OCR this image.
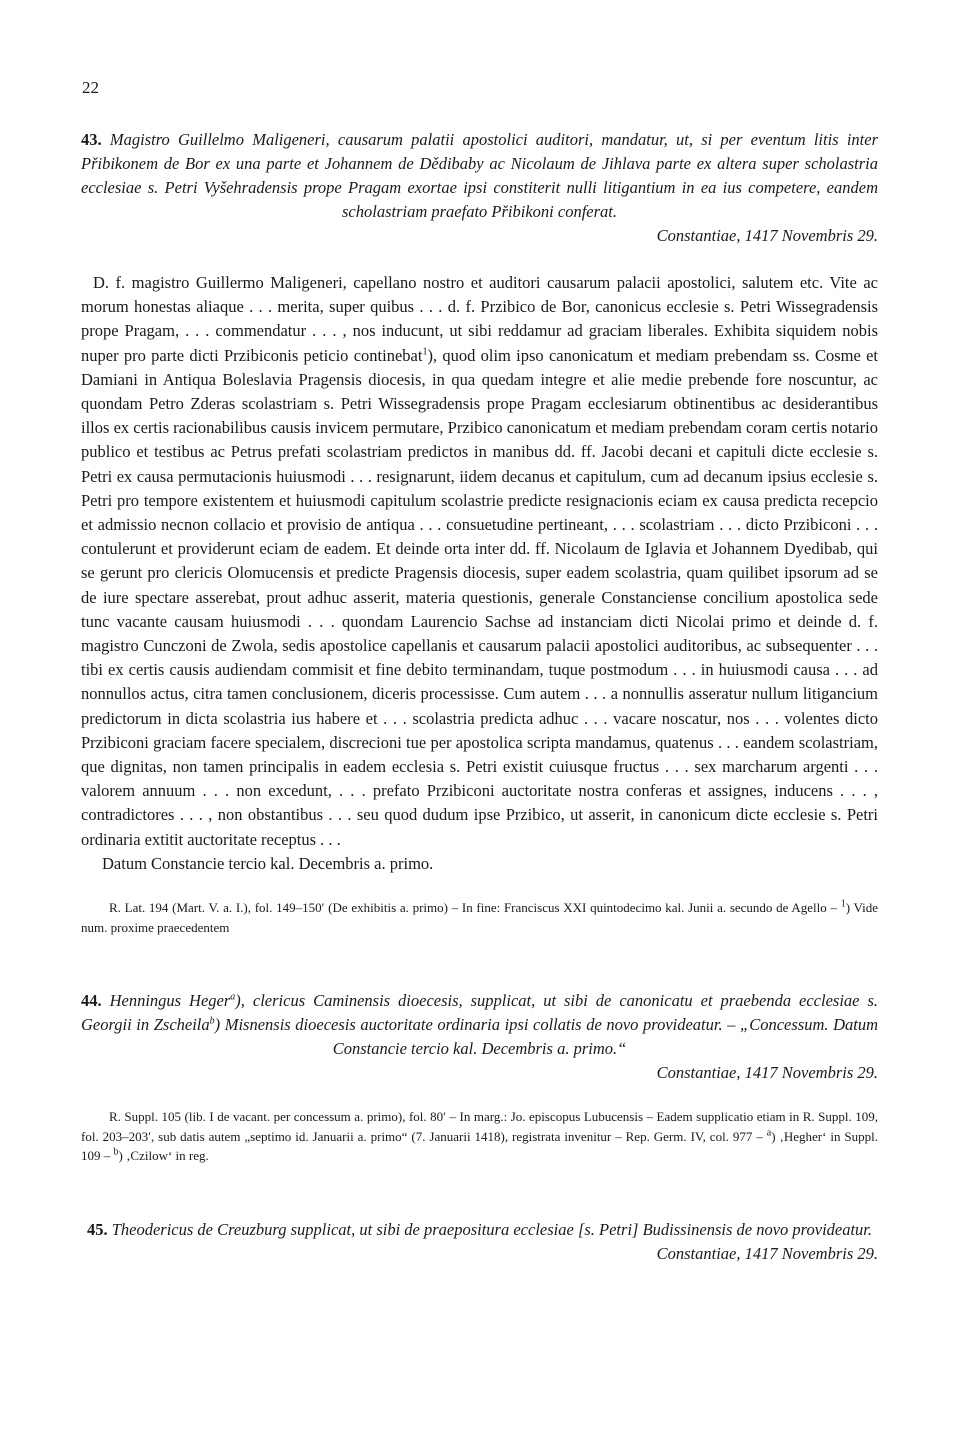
22
43. Magistro Guillelmo Maligeneri, causarum palatii apostolici auditori, mandatur, ut, si per eventum litis inter Přibikonem de Bor ex una parte et Johannem de Dědibaby ac Nicolaum de Jihlava parte ex altera super scholastria ecclesiae s. Petri Vyšehradensis prope Pragam exortae ipsi constiterit nulli litigantium in ea ius competere, eandem scholastriam praefato Přibikoni conferat.
Constantiae, 1417 Novembris 29.

D. f. magistro Guillermo Maligeneri, capellano nostro et auditori causarum palacii apostolici, salutem etc. Vite ac morum honestas aliaque . . . merita, super quibus . . . d. f. Przibico de Bor, canonicus ecclesie s. Petri Wissegradensis prope Pragam, . . . commendatur . . . , nos inducunt, ut sibi reddamur ad graciam liberales. Exhibita siquidem nobis nuper pro parte dicti Przibiconis peticio continebat$^1$), quod olim ipso canonicatum et mediam prebendam ss. Cosme et Damiani in Antiqua Boleslavia Pragensis diocesis, in qua quedam integre et alie medie prebende fore noscuntur, ac quondam Petro Zderas scolastriam s. Petri Wissegradensis prope Pragam ecclesiarum obtinentibus ac desiderantibus illos ex certis racionabilibus causis invicem permutare, Przibico canonicatum et mediam prebendam coram certis notario publico et testibus ac Petrus prefati scolastriam predictos in manibus dd. ff. Jacobi decani et capituli dicte ecclesie s. Petri ex causa permutacionis huiusmodi . . . resignarunt, iidem decanus et capitulum, cum ad decanum ipsius ecclesie s. Petri pro tempore existentem et huiusmodi capitulum scolastrie predicte resignacionis eciam ex causa predicta recepcio et admissio necnon collacio et provisio de antiqua . . . consuetudine pertineant, . . . scolastriam . . . dicto Przibiconi . . . contulerunt et providerunt eciam de eadem. Et deinde orta inter dd. ff. Nicolaum de Iglavia et Johannem Dyedibab, qui se gerunt pro clericis Olomucensis et predicte Pragensis diocesis, super eadem scolastria, quam quilibet ipsorum ad se de iure spectare asserebat, prout adhuc asserit, materia questionis, generale Constanciense concilium apostolica sede tunc vacante causam huiusmodi . . . quondam Laurencio Sachse ad instanciam dicti Nicolai primo et deinde d. f. magistro Cunczoni de Zwola, sedis apostolice capellanis et causarum palacii apostolici auditoribus, ac subsequenter . . . tibi ex certis causis audiendam commisit et fine debito terminandam, tuque postmodum . . . in huiusmodi causa . . . ad nonnullos actus, citra tamen conclusionem, diceris processisse. Cum autem . . . a nonnullis asseratur nullum litigancium predictorum in dicta scolastria ius habere et . . . scolastria predicta adhuc . . . vacare noscatur, nos . . . volentes dicto Przibiconi graciam facere specialem, discrecioni tue per apostolica scripta mandamus, quatenus . . . eandem scolastriam, que dignitas, non tamen principalis in eadem ecclesia s. Petri existit cuiusque fructus . . . sex marcharum argenti . . . valorem annuum . . . non excedunt, . . . prefato Przibiconi auctoritate nostra conferas et assignes, inducens . . . , contradictores . . . , non obstantibus . . . seu quod dudum ipse Przibico, ut asserit, in canonicum dicte ecclesie s. Petri ordinaria extitit auctoritate receptus . . .

Datum Constancie tercio kal. Decembris a. primo.

R. Lat. 194 (Mart. V. a. I.), fol. 149–150′ (De exhibitis a. primo) – In fine: Franciscus XXI quintodecimo kal. Junii a. secundo de Agello – $^1$) Vide num. proxime praecedentem
44. Henningus Heger$^a$), clericus Caminensis dioecesis, supplicat, ut sibi de canonicatu et praebenda ecclesiae s. Georgii in Zscheila$^b$) Misnensis dioecesis auctoritate ordinaria ipsi collatis de novo provideatur. – „Concessum. Datum Constancie tercio kal. Decembris a. primo.“
Constantiae, 1417 Novembris 29.
R. Suppl. 105 (lib. I de vacant. per concessum a. primo), fol. 80′ – In marg.: Jo. episcopus Lubucensis – Eadem supplicatio etiam in R. Suppl. 109, fol. 203–203′, sub datis autem „septimo id. Januarii a. primo“ (7. Januarii 1418), registrata invenitur – Rep. Germ. IV, col. 977 – $^a$) ‚Hegher‘ in Suppl. 109 – $^b$) ‚Czilow‘ in reg.
45. Theodericus de Creuzburg supplicat, ut sibi de praepositura ecclesiae [s. Petri] Budissinensis de novo provideatur.
Constantiae, 1417 Novembris 29.
